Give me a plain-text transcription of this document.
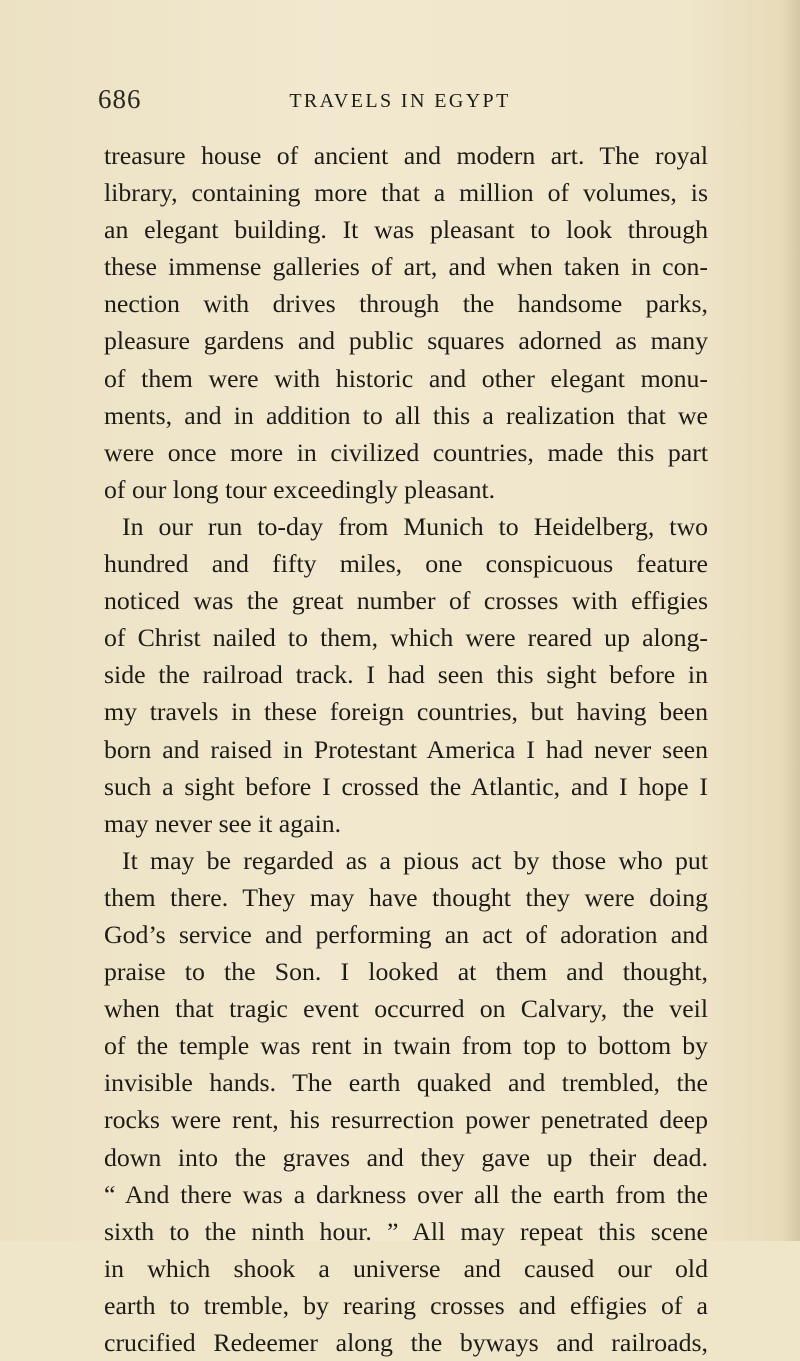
686	TRAVELS IN EGYPT
treasure house of ancient and modern art. The royal
library, containing more that a million of volumes, is
an elegant building. It was pleasant to look through
these immense galleries of art, and when taken in con-
nection with drives through the handsome parks,
pleasure gardens and public squares adorned as many
of them were with historic and other elegant monu-
ments, and in addition to all this a realization that we
were once more in civilized countries, made this part
of our long tour exceedingly pleasant.
In our run to-day from Munich to Heidelberg, two
hundred and fifty miles, one conspicuous feature
noticed was the great number of crosses with effigies
of Christ nailed to them, which were reared up along-
side the railroad track. I had seen this sight before in
my travels in these foreign countries, but having been
born and raised in Protestant America I had never seen
such a sight before I crossed the Atlantic, and I hope I
may never see it again.
It may be regarded as a pious act by those who put
them there. They may have thought they were doing
God’s service and performing an act of adoration and
praise to the Son. I looked at them and thought,
when that tragic event occurred on Calvary, the veil
of the temple was rent in twain from top to bottom by
invisible hands. The earth quaked and trembled, the
rocks were rent, his resurrection power penetrated deep
down into the graves and they gave up their dead.
“ And there was a darkness over all the earth from the
sixth to the ninth hour. ” All may repeat this scene
in which shook a universe and caused our old
earth to tremble, by rearing crosses and effigies of a
crucified Redeemer along the byways and railroads,
